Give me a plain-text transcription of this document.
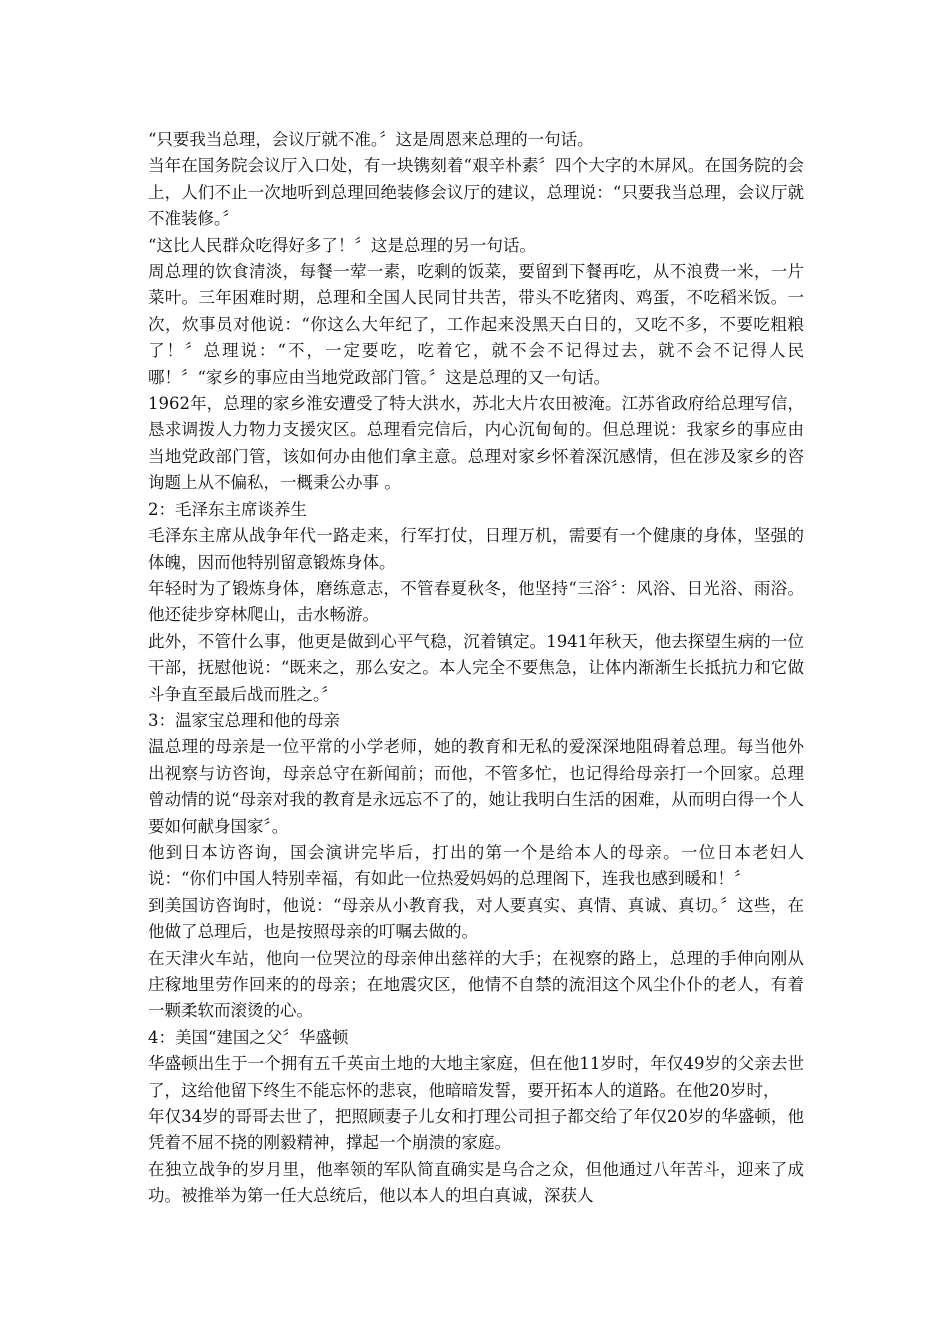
“只要我当总理，会议厅就不准。〞这是周恩来总理的一句话。

当年在国务院会议厅入口处，有一块镌刻着“艰辛朴素〞四个大字的木屏风。在国务院的会上，人们不止一次地听到总理回绝装修会议厅的建议，总理说：“只要我当总理，会议厅就不准装修。〞

“这比人民群众吃得好多了！〞这是总理的另一句话。

周总理的饮食清淡，每餐一荤一素，吃剩的饭菜，要留到下餐再吃，从不浪费一米，一片菜叶。三年困难时期，总理和全国人民同甘共苦，带头不吃猪肉、鸡蛋，不吃稻米饭。一次，炊事员对他说：“你这么大年纪了，工作起来没黑天白日的，又吃不多，不要吃粗粮了！〞总理说：“不，一定要吃，吃着它，就不会不记得过去，就不会不记得人民哪！〞“家乡的事应由当地党政部门管。〞这是总理的又一句话。

1962年，总理的家乡淮安遭受了特大洪水，苏北大片农田被淹。江苏省政府给总理写信，恳求调拨人力物力支援灾区。总理看完信后，内心沉甸甸的。但总理说：我家乡的事应由当地党政部门管，该如何办由他们拿主意。总理对家乡怀着深沉感情，但在涉及家乡的咨询题上从不偏私，一概秉公办事 。

2：毛泽东主席谈养生

毛泽东主席从战争年代一路走来，行军打仗，日理万机，需要有一个健康的身体，坚强的体魄，因而他特别留意锻炼身体。

年轻时为了锻炼身体，磨练意志，不管春夏秋冬，他坚持“三浴〞：风浴、日光浴、雨浴。他还徒步穿林爬山，击水畅游。

此外，不管什么事，他更是做到心平气稳，沉着镇定。1941年秋天，他去探望生病的一位干部，抚慰他说：“既来之，那么安之。本人完全不要焦急，让体内渐渐生长抵抗力和它做斗争直至最后战而胜之。〞

3：温家宝总理和他的母亲

温总理的母亲是一位平常的小学老师，她的教育和无私的爱深深地阻碍着总理。每当他外出视察与访咨询，母亲总守在新闻前；而他，不管多忙，也记得给母亲打一个回家。总理曾动情的说“母亲对我的教育是永远忘不了的，她让我明白生活的困难，从而明白得一个人要如何献身国家〞。

他到日本访咨询，国会演讲完毕后，打出的第一个是给本人的母亲。一位日本老妇人说：“你们中国人特别幸福，有如此一位热爱妈妈的总理阁下，连我也感到暖和！〞

到美国访咨询时，他说：“母亲从小教育我，对人要真实、真情、真诚、真切。〞这些，在他做了总理后，也是按照母亲的叮嘱去做的。

在天津火车站，他向一位哭泣的母亲伸出慈祥的大手；在视察的路上，总理的手伸向刚从庄稼地里劳作回来的的母亲；在地震灾区，他情不自禁的流泪这个风尘仆仆的老人，有着一颗柔软而滚烫的心。

4：美国“建国之父〞华盛顿

华盛顿出生于一个拥有五千英亩土地的大地主家庭，但在他11岁时，年仅49岁的父亲去世了，这给他留下终生不能忘怀的悲哀，他暗暗发誓，要开拓本人的道路。在他20岁时，

年仅34岁的哥哥去世了，把照顾妻子儿女和打理公司担子都交给了年仅20岁的华盛顿，他凭着不屈不挠的刚毅精神，撑起一个崩溃的家庭。

在独立战争的岁月里，他率领的军队简直确实是乌合之众，但他通过八年苦斗，迎来了成功。被推举为第一任大总统后，他以本人的坦白真诚，深获人
